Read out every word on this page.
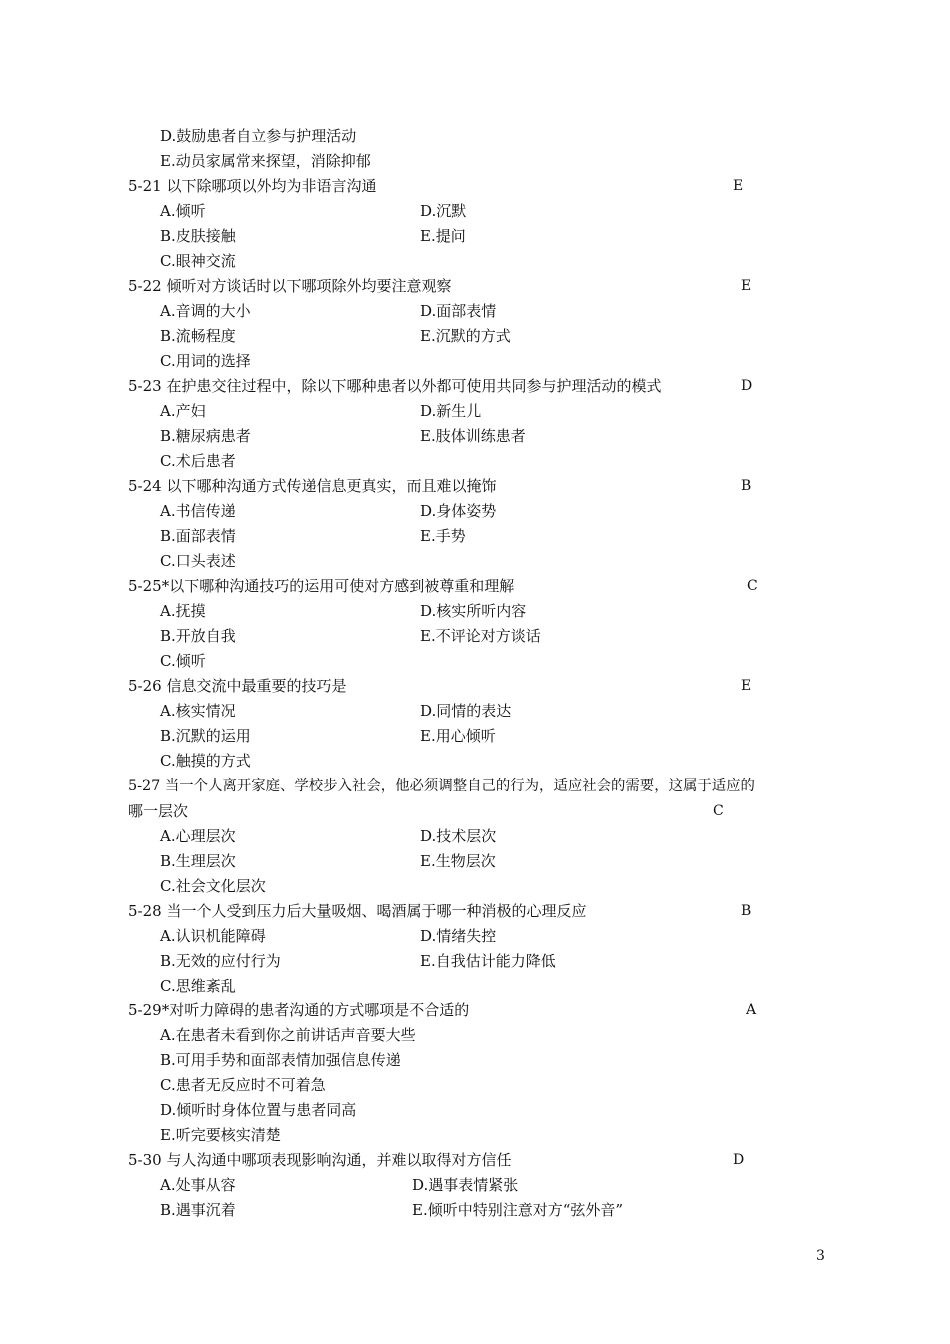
D.鼓励患者自立参与护理活动
E.动员家属常来探望，消除抑郁
5-21 以下除哪项以外均为非语言沟通	E
A.倾听	D.沉默
B.皮肤接触	E.提问
C.眼神交流
5-22 倾听对方谈话时以下哪项除外均要注意观察	E
A.音调的大小	D.面部表情
B.流畅程度	E.沉默的方式
C.用词的选择
5-23 在护患交往过程中，除以下哪种患者以外都可使用共同参与护理活动的模式	D
A.产妇	D.新生儿
B.糖尿病患者	E.肢体训练患者
C.术后患者
5-24 以下哪种沟通方式传递信息更真实，而且难以掩饰	B
A.书信传递	D.身体姿势
B.面部表情	E.手势
C.口头表述
5-25*以下哪种沟通技巧的运用可使对方感到被尊重和理解	C
A.抚摸	D.核实所听内容
B.开放自我	E.不评论对方谈话
C.倾听
5-26 信息交流中最重要的技巧是	E
A.核实情况	D.同情的表达
B.沉默的运用	E.用心倾听
C.触摸的方式
5-27 当一个人离开家庭、学校步入社会，他必须调整自己的行为，适应社会的需要，这属于适应的
哪一层次	C
A.心理层次	D.技术层次
B.生理层次	E.生物层次
C.社会文化层次
5-28 当一个人受到压力后大量吸烟、喝酒属于哪一种消极的心理反应	B
A.认识机能障碍	D.情绪失控
B.无效的应付行为	E.自我估计能力降低
C.思维紊乱
5-29*对听力障碍的患者沟通的方式哪项是不合适的	A
A.在患者未看到你之前讲话声音要大些
B.可用手势和面部表情加强信息传递
C.患者无反应时不可着急
D.倾听时身体位置与患者同高
E.听完要核实清楚
5-30 与人沟通中哪项表现影响沟通，并难以取得对方信任	D
A.处事从容	D.遇事表情紧张
B.遇事沉着	E.倾听中特别注意对方“弦外音”
3
